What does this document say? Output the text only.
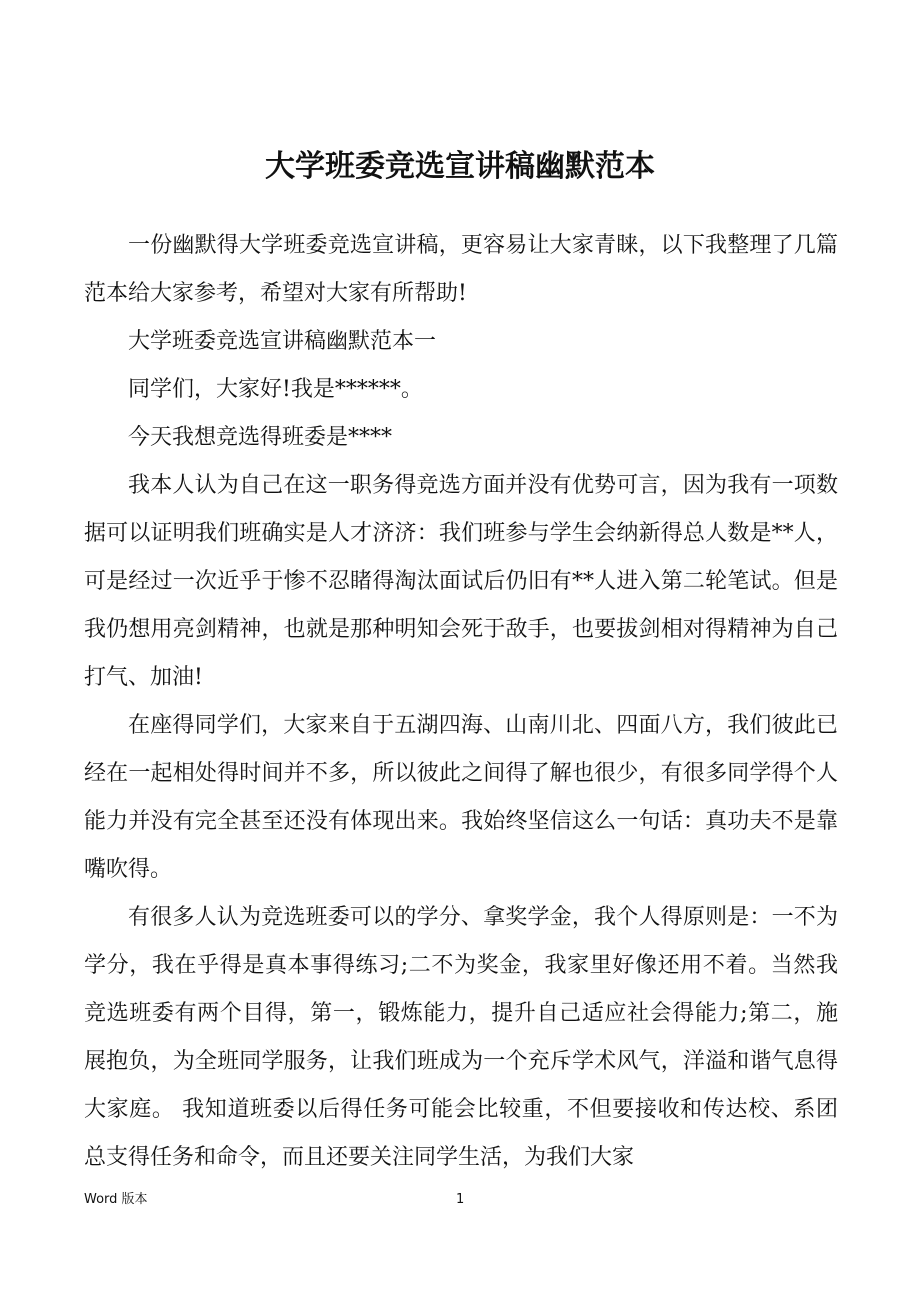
大学班委竞选宣讲稿幽默范本

一份幽默得大学班委竞选宣讲稿，更容易让大家青睐，以下我整理了几篇范本给大家参考，希望对大家有所帮助!

大学班委竞选宣讲稿幽默范本一

同学们，大家好!我是******。

今天我想竞选得班委是****

我本人认为自己在这一职务得竞选方面并没有优势可言，因为我有一项数据可以证明我们班确实是人才济济：我们班参与学生会纳新得总人数是**人，可是经过一次近乎于惨不忍睹得淘汰面试后仍旧有**人进入第二轮笔试。但是我仍想用亮剑精神，也就是那种明知会死于敌手，也要拔剑相对得精神为自己打气、加油!

在座得同学们，大家来自于五湖四海、山南川北、四面八方，我们彼此已经在一起相处得时间并不多，所以彼此之间得了解也很少，有很多同学得个人能力并没有完全甚至还没有体现出来。我始终坚信这么一句话：真功夫不是靠嘴吹得。

有很多人认为竞选班委可以的学分、拿奖学金，我个人得原则是：一不为学分，我在乎得是真本事得练习;二不为奖金，我家里好像还用不着。当然我竞选班委有两个目得，第一，锻炼能力，提升自己适应社会得能力;第二，施展抱负，为全班同学服务，让我们班成为一个充斥学术风气，洋溢和谐气息得大家庭。 我知道班委以后得任务可能会比较重，不但要接收和传达校、系团总支得任务和命令，而且还要关注同学生活，为我们大家

Word 版本	1
